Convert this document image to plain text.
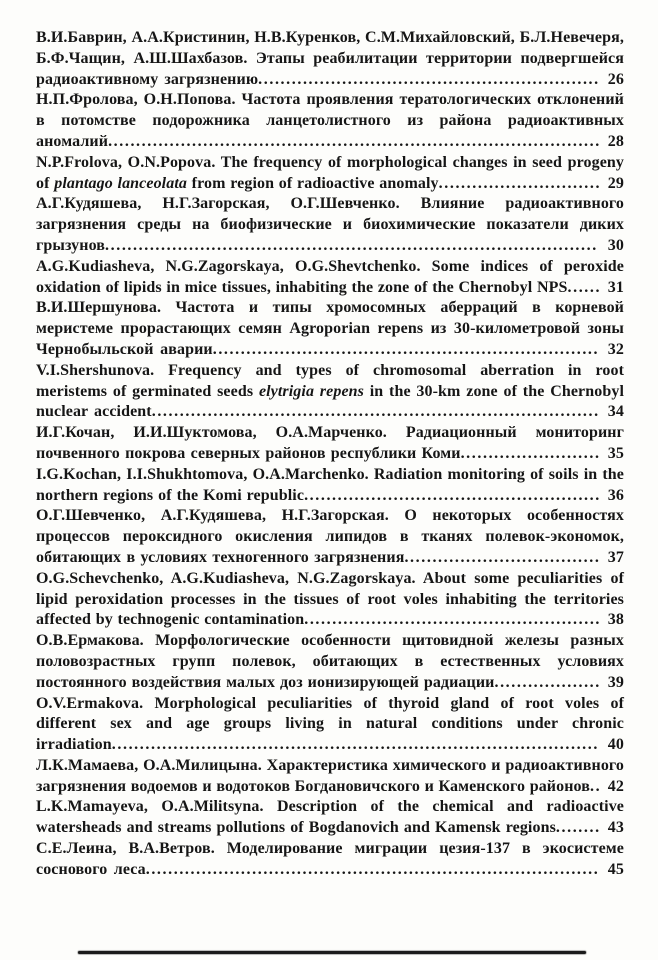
В.И.Баврин, А.А.Кристинин, Н.В.Куренков, С.М.Михайловский, Б.Л.Невечеря, Б.Ф.Чащин, А.Ш.Шахбазов. Этапы реабилитации территории подвергшейся радиоактивному загрязнению............................................................. 26

Н.П.Фролова, О.Н.Попова. Частота проявления тератологических отклонений в потомстве подорожника ланцетолистного из района радиоактивных аномалий........................................................................................ 28

N.P.Frolova, O.N.Popova. The frequency of morphological changes in seed progeny of plantago lanceolata from region of radioactive anomaly............................. 29

А.Г.Кудяшева, Н.Г.Загорская, О.Г.Шевченко. Влияние радиоактивного загрязнения среды на биофизические и биохимические показатели диких грызунов........................................................................................ 30

A.G.Kudiasheva, N.G.Zagorskaya, O.G.Shevtchenko. Some indices of peroxide oxidation of lipids in mice tissues, inhabiting the zone of the Chernobyl NPS...... 31

В.И.Шершунова. Частота и типы хромосомных аберраций в корневой меристеме прорастающих семян Agroporian repens из 30-километровой зоны Чернобыльской аварии..................................................................... 32

V.I.Shershunova. Frequency and types of chromosomal aberration in root meristems of germinated seeds elytrigia repens in the 30-km zone of the Chernobyl nuclear accident................................................................................ 34

И.Г.Кочан, И.И.Шуктомова, О.А.Марченко. Радиационный мониторинг почвенного покрова северных районов республики Коми......................... 35

I.G.Kochan, I.I.Shukhtomova, O.A.Marchenko. Radiation monitoring of soils in the northern regions of the Komi republic..................................................... 36

О.Г.Шевченко, А.Г.Кудяшева, Н.Г.Загорская. О некоторых особенностях процессов пероксидного окисления липидов в тканях полевок-экономок, обитающих в условиях техногенного загрязнения................................... 37

O.G.Schevchenko, A.G.Kudiasheva, N.G.Zagorskaya. About some peculiarities of lipid peroxidation processes in the tissues of root voles inhabiting the territories affected by technogenic contamination..................................................... 38

О.В.Ермакова. Морфологические особенности щитовидной железы разных половозрастных групп полевок, обитающих в естественных условиях постоянного воздействия малых доз ионизирующей радиации................... 39

O.V.Ermakova. Morphological peculiarities of thyroid gland of root voles of different sex and age groups living in natural conditions under chronic irradiation....................................................................................... 40

Л.К.Мамаева, О.А.Милицына. Характеристика химического и радиоактивного загрязнения водоемов и водотоков Богдановичского и Каменского районов.. 42

L.K.Mamayeva, O.A.Militsyna. Description of the chemical and radioactive watersheads and streams pollutions of Bogdanovich and Kamensk regions........ 43

С.Е.Леина, В.А.Ветров. Моделирование миграции цезия-137 в экосистеме соснового леса................................................................................. 45
